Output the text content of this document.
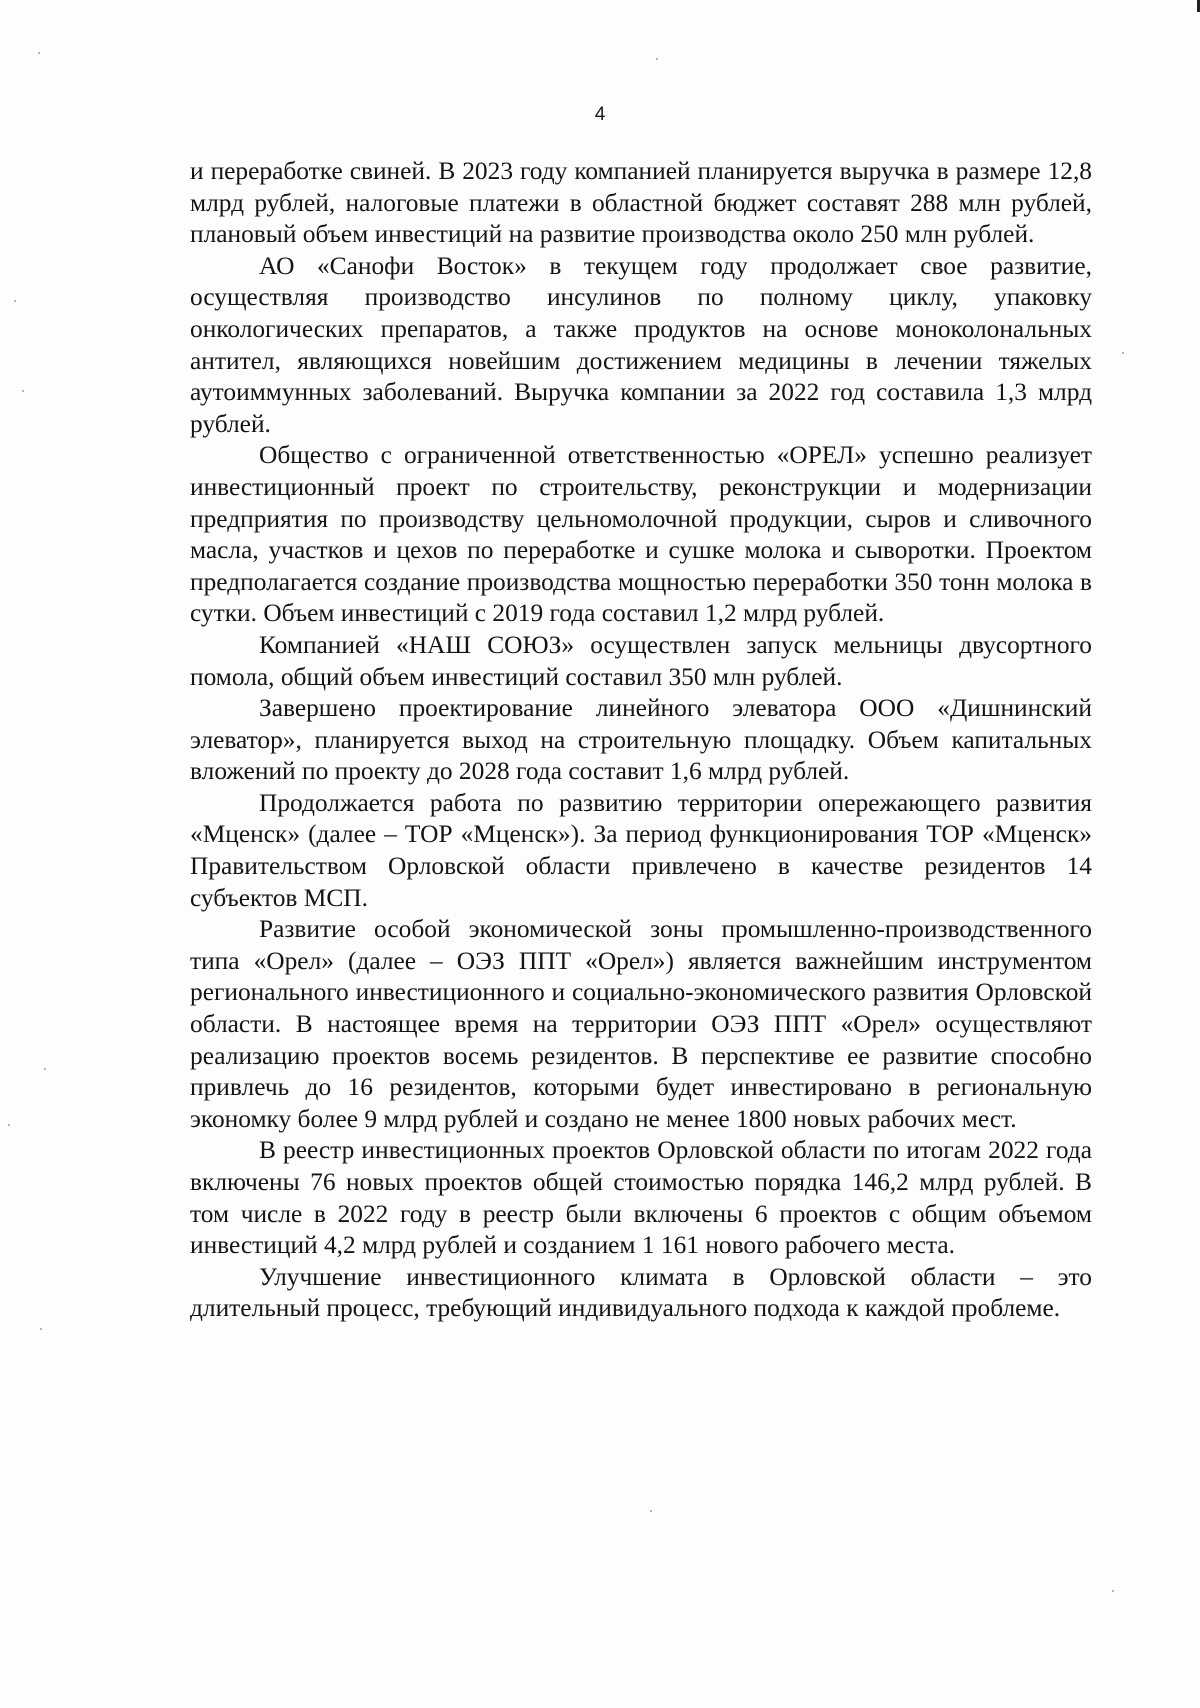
4

и переработке свиней. В 2023 году компанией планируется выручка в размере 12,8 млрд рублей, налоговые платежи в областной бюджет составят 288 млн рублей, плановый объем инвестиций на развитие производства около 250 млн рублей.

АО «Санофи Восток» в текущем году продолжает свое развитие, осуществляя производство инсулинов по полному циклу, упаковку онкологических препаратов, а также продуктов на основе моноколональных антител, являющихся новейшим достижением медицины в лечении тяжелых аутоиммунных заболеваний. Выручка компании за 2022 год составила 1,3 млрд рублей.

Общество с ограниченной ответственностью «ОРЕЛ» успешно реализует инвестиционный проект по строительству, реконструкции и модернизации предприятия по производству цельномолочной продукции, сыров и сливочного масла, участков и цехов по переработке и сушке молока и сыворотки. Проектом предполагается создание производства мощностью переработки 350 тонн молока в сутки. Объем инвестиций с 2019 года составил 1,2 млрд рублей.

Компанией «НАШ СОЮЗ» осуществлен запуск мельницы двусортного помола, общий объем инвестиций составил 350 млн рублей.

Завершено проектирование линейного элеватора ООО «Дишнинский элеватор», планируется выход на строительную площадку. Объем капитальных вложений по проекту до 2028 года составит 1,6 млрд рублей.

Продолжается работа по развитию территории опережающего развития «Мценск» (далее – ТОР «Мценск»). За период функционирования ТОР «Мценск» Правительством Орловской области привлечено в качестве резидентов 14 субъектов МСП.

Развитие особой экономической зоны промышленно-производственного типа «Орел» (далее – ОЭЗ ППТ «Орел») является важнейшим инструментом регионального инвестиционного и социально-экономического развития Орловской области. В настоящее время на территории ОЭЗ ППТ «Орел» осуществляют реализацию проектов восемь резидентов. В перспективе ее развитие способно привлечь до 16 резидентов, которыми будет инвестировано в региональную экономку более 9 млрд рублей и создано не менее 1800 новых рабочих мест.

В реестр инвестиционных проектов Орловской области по итогам 2022 года включены 76 новых проектов общей стоимостью порядка 146,2 млрд рублей. В том числе в 2022 году в реестр были включены 6 проектов с общим объемом инвестиций 4,2 млрд рублей и созданием 1 161 нового рабочего места.

Улучшение инвестиционного климата в Орловской области – это длительный процесс, требующий индивидуального подхода к каждой проблеме.
